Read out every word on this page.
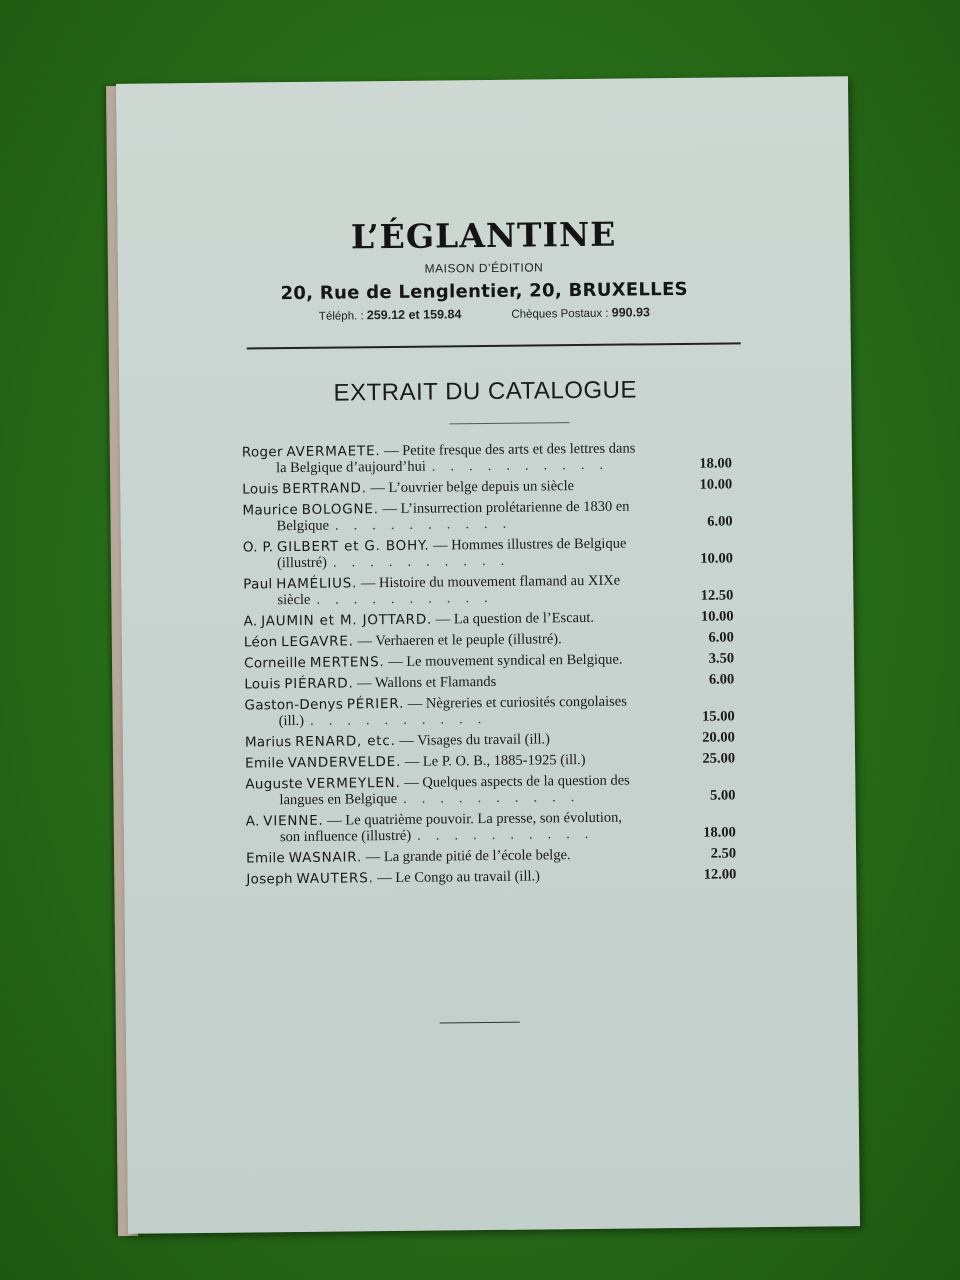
L’ÉGLANTINE
MAISON D’ÉDITION
20, Rue de Lenglentier, 20, BRUXELLES
Téléph. : 259.12 et 159.84	Chèques Postaux : 990.93
EXTRAIT DU CATALOGUE
Roger AVERMAETE. — Petite fresque des arts et des lettres dans
la Belgique d’aujourd’hui ..........	18.00
Louis BERTRAND. — L’ouvrier belge depuis un siècle	10.00
Maurice BOLOGNE. — L’insurrection prolétarienne de 1830 en
Belgique ..........	6.00
O. P. GILBERT et G. BOHY. — Hommes illustres de Belgique
(illustré) ..........	10.00
Paul HAMÉLIUS. — Histoire du mouvement flamand au XIXe
siècle ..........	12.50
A. JAUMIN et M. JOTTARD. — La question de l’Escaut.	10.00
Léon LEGAVRE. — Verhaeren et le peuple (illustré).	6.00
Corneille MERTENS. — Le mouvement syndical en Belgique.	3.50
Louis PIÉRARD. — Wallons et Flamands	6.00
Gaston-Denys PÉRIER. — Nègreries et curiosités congolaises
(ill.) ..........	15.00
Marius RENARD, etc. — Visages du travail (ill.)	20.00
Emile VANDERVELDE. — Le P. O. B., 1885-1925 (ill.)	25.00
Auguste VERMEYLEN. — Quelques aspects de la question des
langues en Belgique ..........	5.00
A. VIENNE. — Le quatrième pouvoir. La presse, son évolution,
son influence (illustré) ..........	18.00
Emile WASNAIR. — La grande pitié de l’école belge.	2.50
Joseph WAUTERS. — Le Congo au travail (ill.)	12.00
